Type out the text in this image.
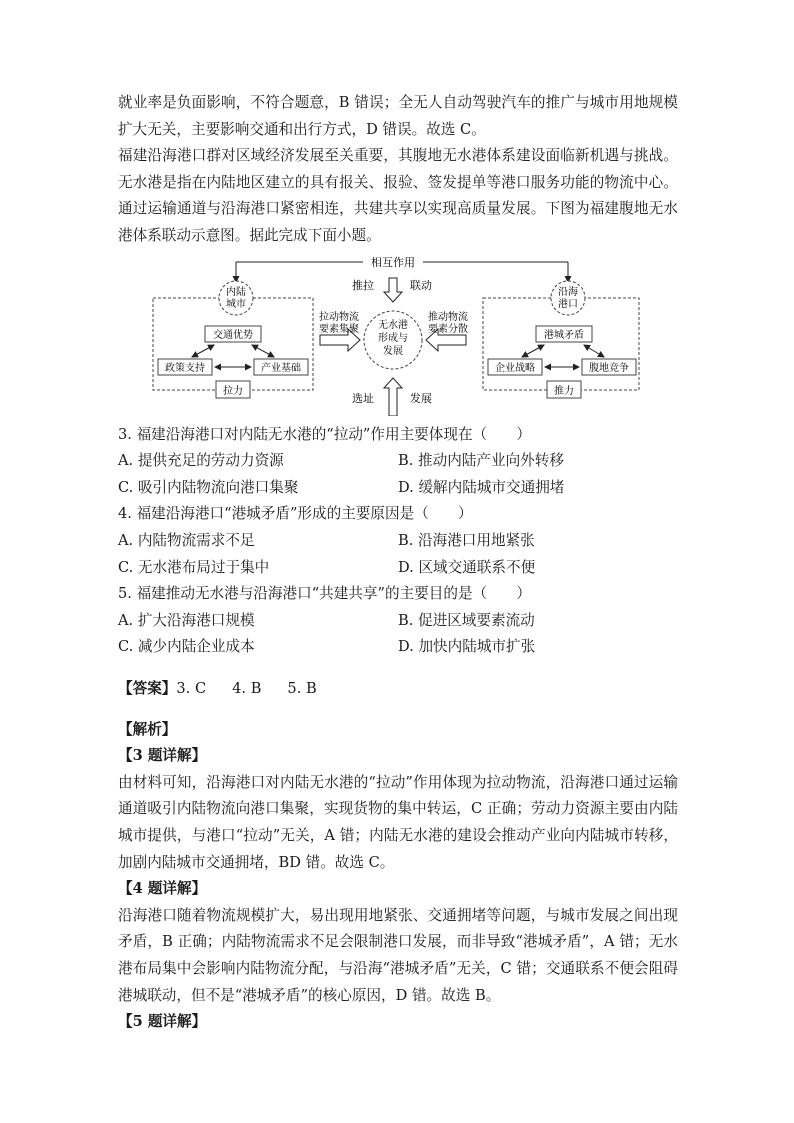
就业率是负面影响，不符合题意，B 错误；全无人自动驾驶汽车的推广与城市用地规模扩大无关，主要影响交通和出行方式，D 错误。故选 C。

福建沿海港口群对区域经济发展至关重要，其腹地无水港体系建设面临新机遇与挑战。无水港是指在内陆地区建立的具有报关、报验、签发提单等港口服务功能的物流中心。通过运输通道与沿海港口紧密相连，共建共享以实现高质量发展。下图为福建腹地无水港体系联动示意图。据此完成下面小题。

相互作用
推拉	联动
内陆
城市
交通优势
政策支持	产业基础
拉力
拉动物流
要素集聚 无水港
形成与
发展
推动物流
要素分散
选址	发展
沿海
港口
港城矛盾
企业战略	腹地竞争
推力

3. 福建沿海港口对内陆无水港的“拉动”作用主要体现在（　　）

A. 提供充足的劳动力资源	B. 推动内陆产业向外转移

C. 吸引内陆物流向港口集聚	D. 缓解内陆城市交通拥堵

4. 福建沿海港口“港城矛盾”形成的主要原因是（　　）

A. 内陆物流需求不足	B. 沿海港口用地紧张

C. 无水港布局过于集中	D. 区域交通联系不便

5. 福建推动无水港与沿海港口“共建共享”的主要目的是（　　）

A. 扩大沿海港口规模	B. 促进区域要素流动

C. 减少内陆企业成本	D. 加快内陆城市扩张

【答案】3. C 4. B 5. B

【解析】

【3 题详解】

由材料可知，沿海港口对内陆无水港的“拉动”作用体现为拉动物流，沿海港口通过运输通道吸引内陆物流向港口集聚，实现货物的集中转运，C 正确；劳动力资源主要由内陆城市提供，与港口“拉动”无关，A 错；内陆无水港的建设会推动产业向内陆城市转移，加剧内陆城市交通拥堵，BD 错。故选 C。

【4 题详解】

沿海港口随着物流规模扩大，易出现用地紧张、交通拥堵等问题，与城市发展之间出现矛盾，B 正确；内陆物流需求不足会限制港口发展，而非导致“港城矛盾”，A 错；无水港布局集中会影响内陆物流分配，与沿海“港城矛盾”无关，C 错；交通联系不便会阻碍港城联动，但不是“港城矛盾”的核心原因，D 错。故选 B。

【5 题详解】
